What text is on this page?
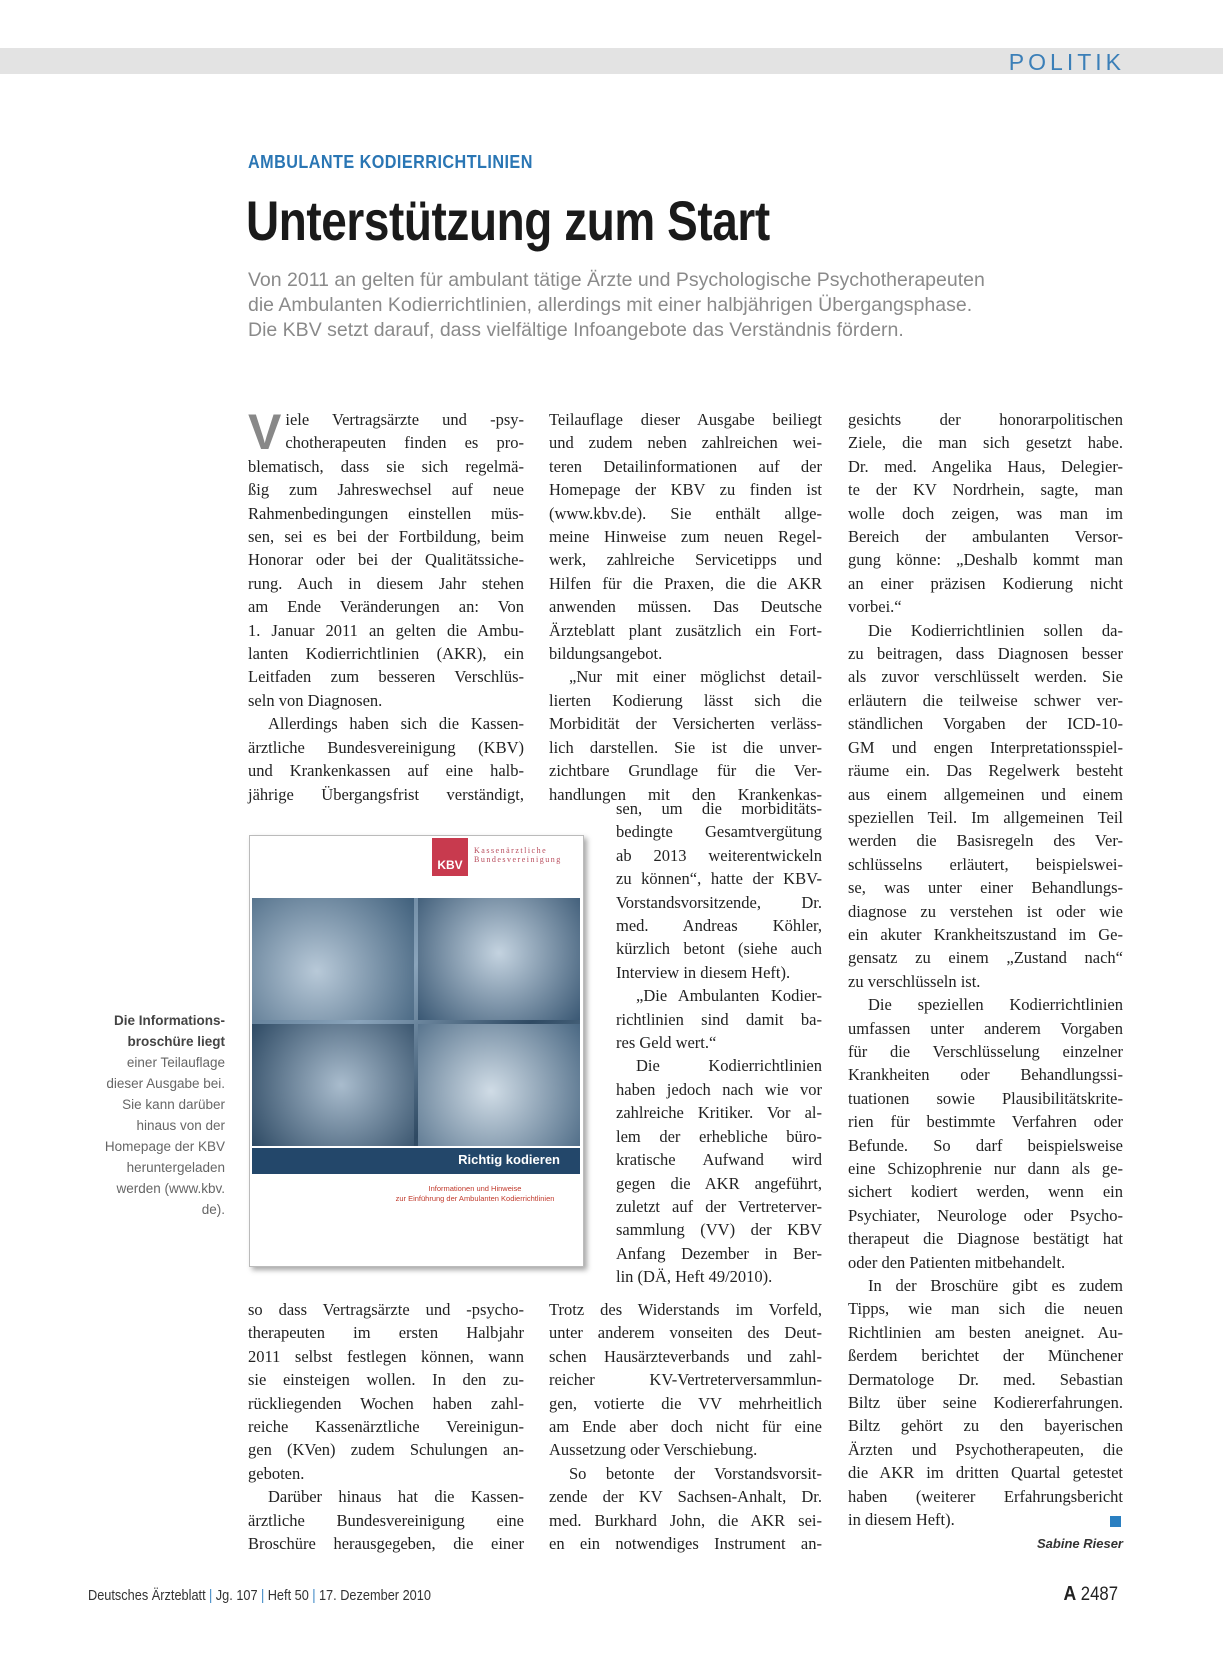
POLITIK
AMBULANTE KODIERRICHTLINIEN
Unterstützung zum Start
Von 2011 an gelten für ambulant tätige Ärzte und Psychologische Psychotherapeuten
die Ambulanten Kodierrichtlinien, allerdings mit einer halbjährigen Übergangsphase.
Die KBV setzt darauf, dass vielfältige Infoangebote das Verständnis fördern.
V iele Vertragsärzte und -psy-
chotherapeuten finden es pro-
blematisch, dass sie sich regelmä-
ßig zum Jahreswechsel auf neue
Rahmenbedingungen einstellen müs-
sen, sei es bei der Fortbildung, beim
Honorar oder bei der Qualitätssiche-
rung. Auch in diesem Jahr stehen
am Ende Veränderungen an: Von
1. Januar 2011 an gelten die Ambu-
lanten Kodierrichtlinien (AKR), ein
Leitfaden zum besseren Verschlüs-
seln von Diagnosen.
Allerdings haben sich die Kassen-
ärztliche Bundesvereinigung (KBV)
und Krankenkassen auf eine halb-
jährige Übergangsfrist verständigt,
KBV
Kassenärztliche
Bundesvereinigung
Richtig kodieren
Informationen und Hinweise
zur Einführung der Ambulanten Kodierrichtlinien
Die Informations-
broschüre liegt
einer Teilauflage
dieser Ausgabe bei.
Sie kann darüber
hinaus von der
Homepage der KBV
heruntergeladen
werden (www.kbv.
de).
so dass Vertragsärzte und -psycho-
therapeuten im ersten Halbjahr
2011 selbst festlegen können, wann
sie einsteigen wollen. In den zu-
rückliegenden Wochen haben zahl-
reiche Kassenärztliche Vereinigun-
gen (KVen) zudem Schulungen an-
geboten.
Darüber hinaus hat die Kassen-
ärztliche Bundesvereinigung eine
Broschüre herausgegeben, die einer
Teilauflage dieser Ausgabe beiliegt
und zudem neben zahlreichen wei-
teren Detailinformationen auf der
Homepage der KBV zu finden ist
(www.kbv.de). Sie enthält allge-
meine Hinweise zum neuen Regel-
werk, zahlreiche Servicetipps und
Hilfen für die Praxen, die die AKR
anwenden müssen. Das Deutsche
Ärzteblatt plant zusätzlich ein Fort-
bildungsangebot.
„Nur mit einer möglichst detail-
lierten Kodierung lässt sich die
Morbidität der Versicherten verläss-
lich darstellen. Sie ist die unver-
zichtbare Grundlage für die Ver-
handlungen mit den Krankenkas-
sen, um die morbiditäts-
bedingte Gesamtvergütung
ab 2013 weiterentwickeln
zu können“, hatte der KBV-
Vorstandsvorsitzende, Dr.
med. Andreas Köhler,
kürzlich betont (siehe auch
Interview in diesem Heft).
„Die Ambulanten Kodier-
richtlinien sind damit ba-
res Geld wert.“
Die Kodierrichtlinien
haben jedoch nach wie vor
zahlreiche Kritiker. Vor al-
lem der erhebliche büro-
kratische Aufwand wird
gegen die AKR angeführt,
zuletzt auf der Vertreterver-
sammlung (VV) der KBV
Anfang Dezember in Ber-
lin (DÄ, Heft 49/2010).
Trotz des Widerstands im Vorfeld,
unter anderem vonseiten des Deut-
schen Hausärzteverbands und zahl-
reicher KV-Vertreterversammlun-
gen, votierte die VV mehrheitlich
am Ende aber doch nicht für eine
Aussetzung oder Verschiebung.
So betonte der Vorstandsvorsit-
zende der KV Sachsen-Anhalt, Dr.
med. Burkhard John, die AKR sei-
en ein notwendiges Instrument an-
gesichts der honorarpolitischen
Ziele, die man sich gesetzt habe.
Dr. med. Angelika Haus, Delegier-
te der KV Nordrhein, sagte, man
wolle doch zeigen, was man im
Bereich der ambulanten Versor-
gung könne: „Deshalb kommt man
an einer präzisen Kodierung nicht
vorbei.“
Die Kodierrichtlinien sollen da-
zu beitragen, dass Diagnosen besser
als zuvor verschlüsselt werden. Sie
erläutern die teilweise schwer ver-
ständlichen Vorgaben der ICD-10-
GM und engen Interpretationsspiel-
räume ein. Das Regelwerk besteht
aus einem allgemeinen und einem
speziellen Teil. Im allgemeinen Teil
werden die Basisregeln des Ver-
schlüsselns erläutert, beispielswei-
se, was unter einer Behandlungs-
diagnose zu verstehen ist oder wie
ein akuter Krankheitszustand im Ge-
gensatz zu einem „Zustand nach“
zu verschlüsseln ist.
Die speziellen Kodierrichtlinien
umfassen unter anderem Vorgaben
für die Verschlüsselung einzelner
Krankheiten oder Behandlungssi-
tuationen sowie Plausibilitätskrite-
rien für bestimmte Verfahren oder
Befunde. So darf beispielsweise
eine Schizophrenie nur dann als ge-
sichert kodiert werden, wenn ein
Psychiater, Neurologe oder Psycho-
therapeut die Diagnose bestätigt hat
oder den Patienten mitbehandelt.
In der Broschüre gibt es zudem
Tipps, wie man sich die neuen
Richtlinien am besten aneignet. Au-
ßerdem berichtet der Münchener
Dermatologe Dr. med. Sebastian
Biltz über seine Kodiererfahrungen.
Biltz gehört zu den bayerischen
Ärzten und Psychotherapeuten, die
die AKR im dritten Quartal getestet
haben (weiterer Erfahrungsbericht
in diesem Heft).
Sabine Rieser
Deutsches Ärzteblatt | Jg. 107 | Heft 50 | 17. Dezember 2010	A 2487
